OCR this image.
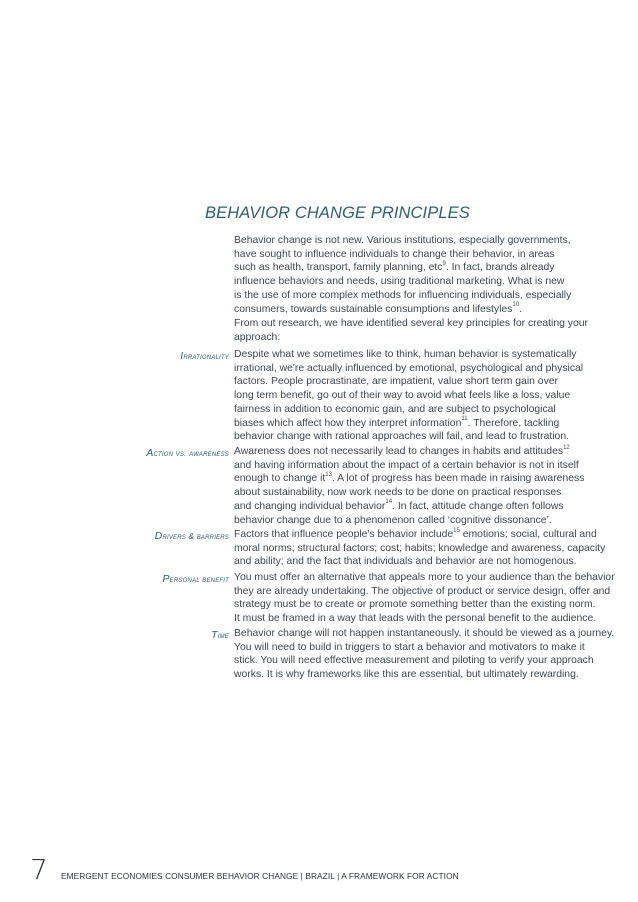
BEHAVIOR CHANGE PRINCIPLES
Behavior change is not new. Various institutions, especially governments,
have sought to influence individuals to change their behavior, in areas
such as health, transport, family planning, etc$^9$. In fact, brands already
influence behaviors and needs, using traditional marketing. What is new
is the use of more complex methods for influencing individuals, especially
consumers, towards sustainable consumptions and lifestyles$^{10}$.
From out research, we have identified several key principles for creating your
approach:
Irrationality Despite what we sometimes like to think, human behavior is systematically
irrational, we're actually influenced by emotional, psychological and physical
factors. People procrastinate, are impatient, value short term gain over
long term benefit, go out of their way to avoid what feels like a loss, value
fairness in addition to economic gain, and are subject to psychological
biases which affect how they interpret information$^{11}$. Therefore, tackling
behavior change with rational approaches will fail, and lead to frustration.
Action vs. awareness Awareness does not necessarily lead to changes in habits and attitudes$^{12}$
and having information about the impact of a certain behavior is not in itself
enough to change $it^{13}$. A lot of progress has been made in raising awareness
about sustainability, now work needs to be done on practical responses
and changing individual behavior$^{14}$. In fact, attitude change often follows
behavior change due to a phenomenon called ‘cognitive dissonance’.
Drivers & barriers Factors that influence people's behavior include$^{15}$ emotions; social, cultural and
moral norms; structural factors; cost; habits; knowledge and awareness, capacity
and ability; and the fact that individuals and behavior are not homogenous.
Personal benefit You must offer an alternative that appeals more to your audience than the behavior
they are already undertaking. The objective of product or service design, offer and
strategy must be to create or promote something better than the existing norm.
It must be framed in a way that leads with the personal benefit to the audience.
Time Behavior change will not happen instantaneously, it should be viewed as a journey.
You will need to build in triggers to start a behavior and motivators to make it
stick. You will need effective measurement and piloting to verify your approach
works. It is why frameworks like this are essential, but ultimately rewarding.
7 EMERGENT ECONOMIES CONSUMER BEHAVIOR CHANGE | BRAZIL | A FRAMEWORK FOR ACTION
